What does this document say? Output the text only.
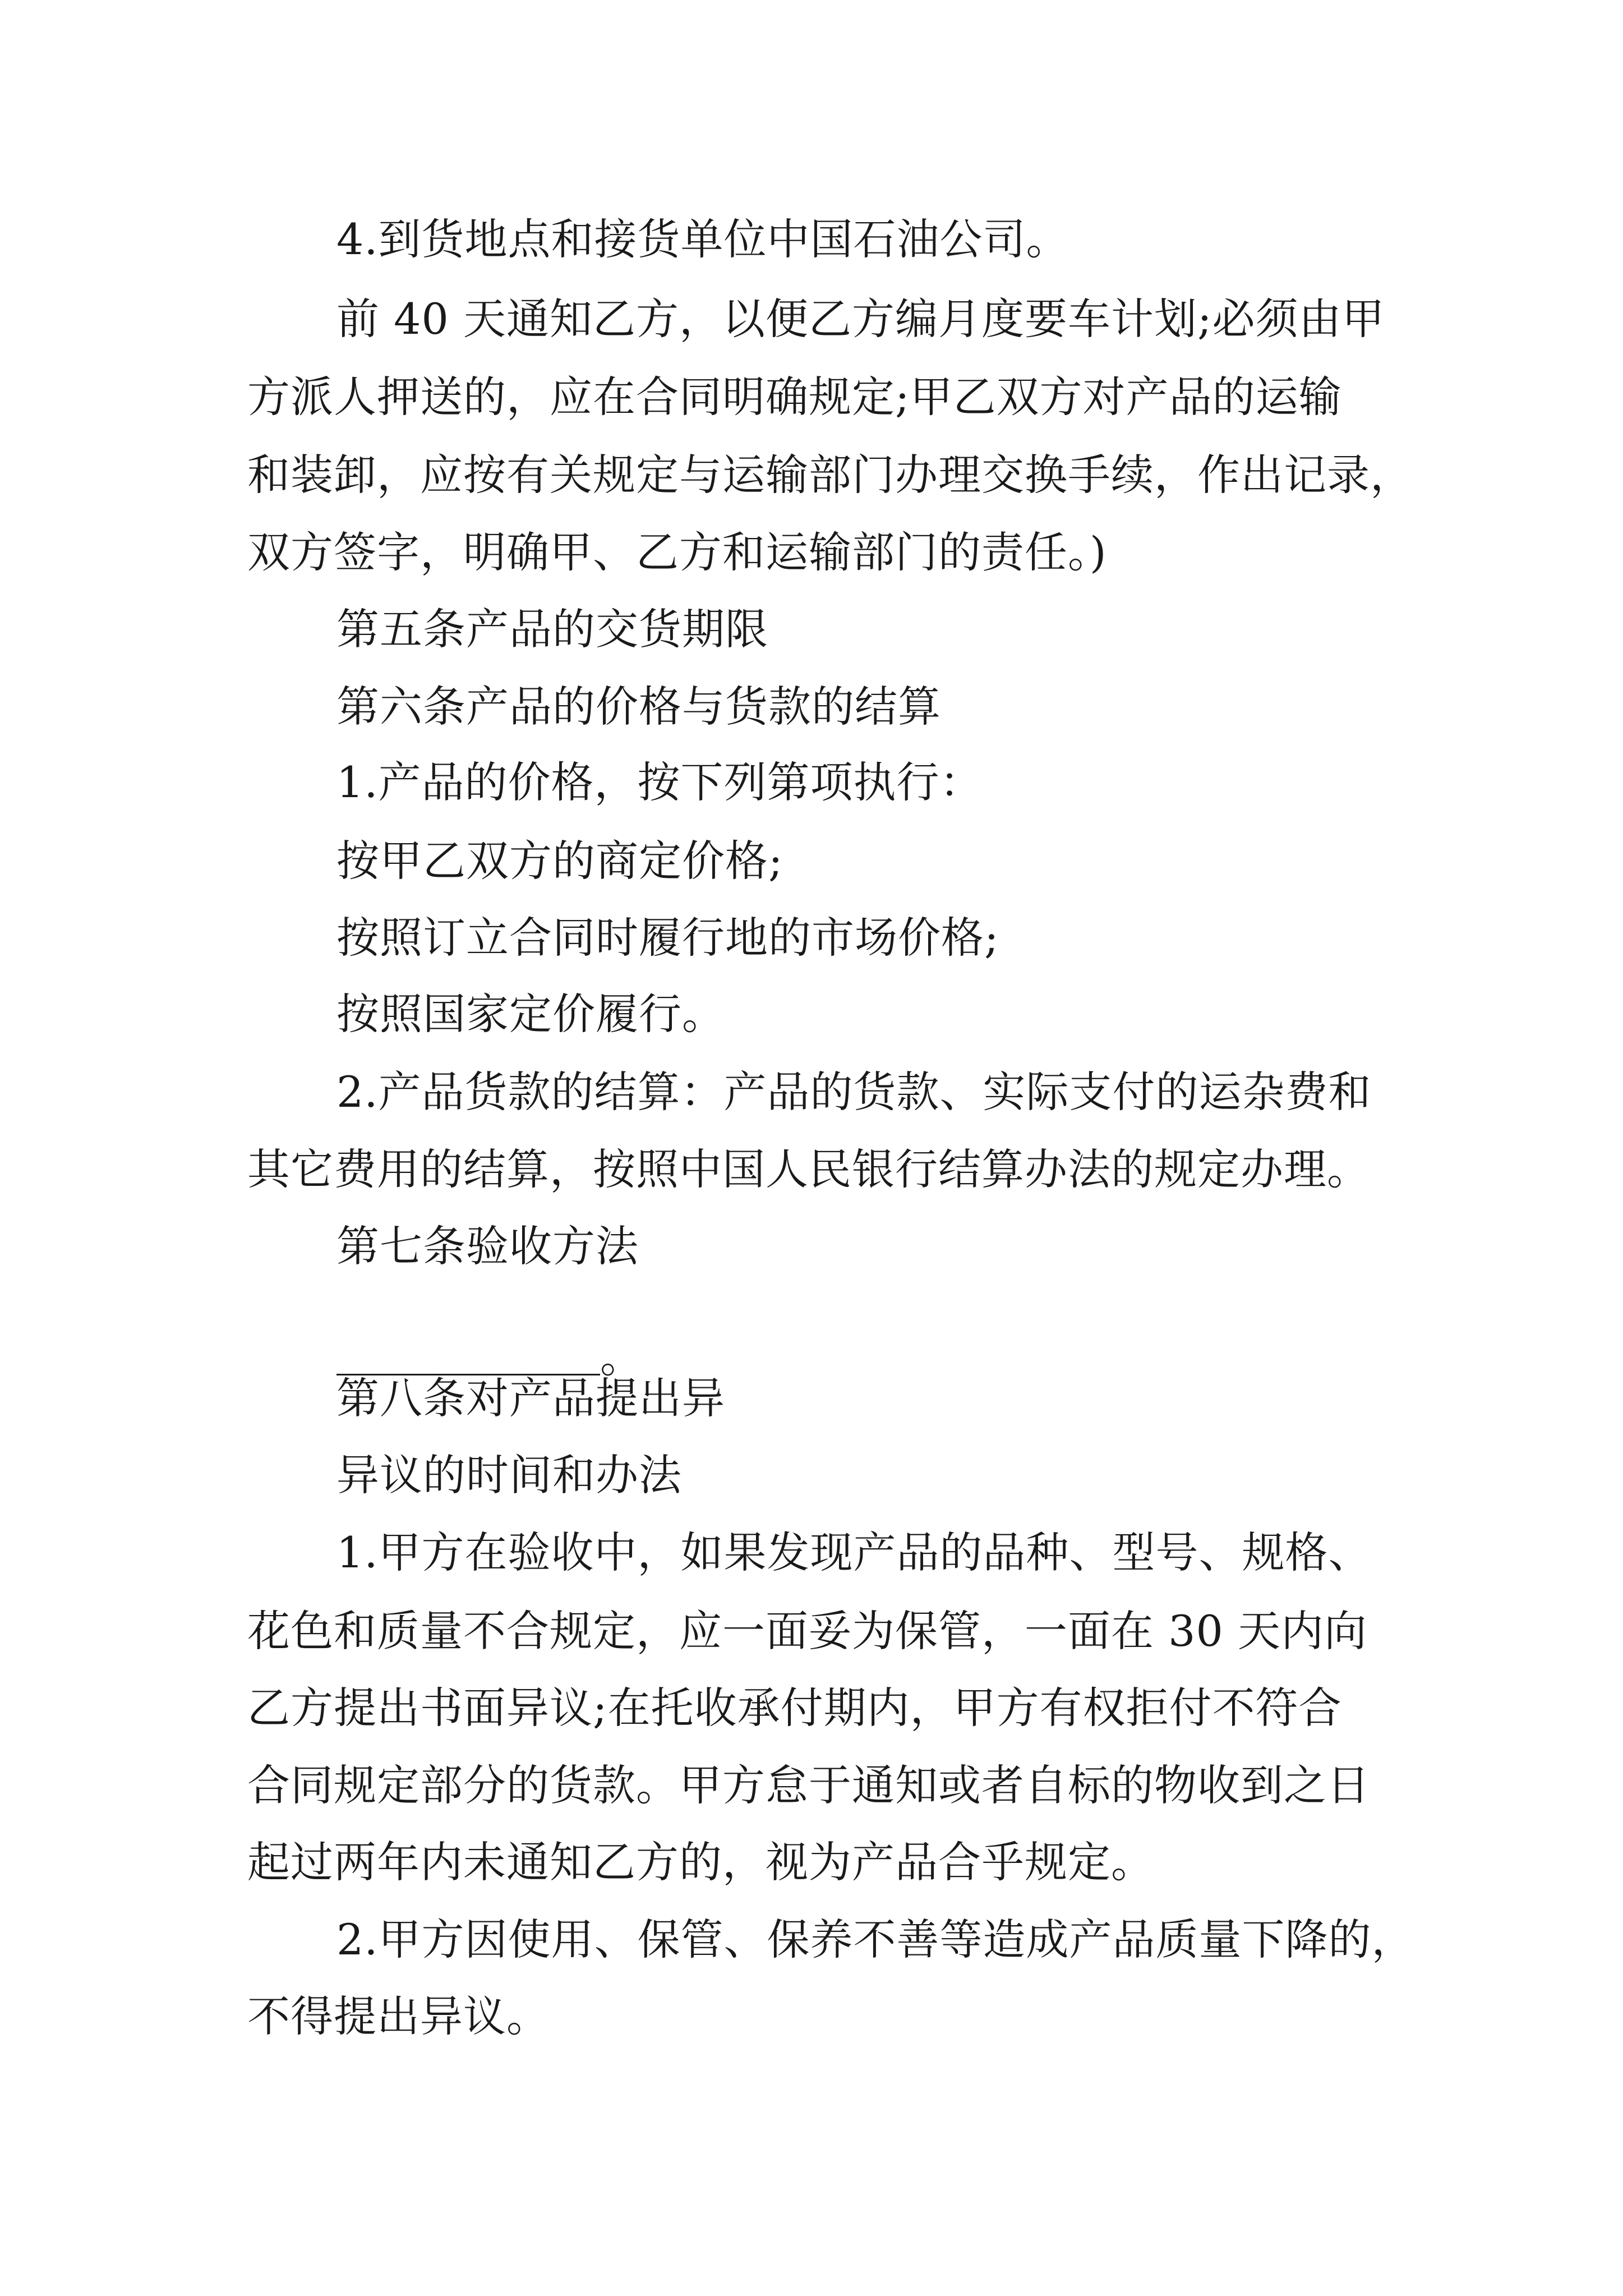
4.到货地点和接货单位中国石油公司。
前 40 天通知乙方，以便乙方编月度要车计划;必须由甲
方派人押送的，应在合同明确规定;甲乙双方对产品的运输
和装卸，应按有关规定与运输部门办理交换手续，作出记录，
双方签字，明确甲、乙方和运输部门的责任。)
第五条产品的交货期限
第六条产品的价格与货款的结算
1.产品的价格，按下列第项执行：
按甲乙双方的商定价格;
按照订立合同时履行地的市场价格;
按照国家定价履行。
2.产品货款的结算：产品的货款、实际支付的运杂费和
其它费用的结算，按照中国人民银行结算办法的规定办理。
第七条验收方法
。
第八条对产品提出异
异议的时间和办法
1.甲方在验收中，如果发现产品的品种、型号、规格、
花色和质量不合规定，应一面妥为保管，一面在 30 天内向
乙方提出书面异议;在托收承付期内，甲方有权拒付不符合
合同规定部分的货款。甲方怠于通知或者自标的物收到之日
起过两年内未通知乙方的，视为产品合乎规定。
2.甲方因使用、保管、保养不善等造成产品质量下降的，
不得提出异议。
